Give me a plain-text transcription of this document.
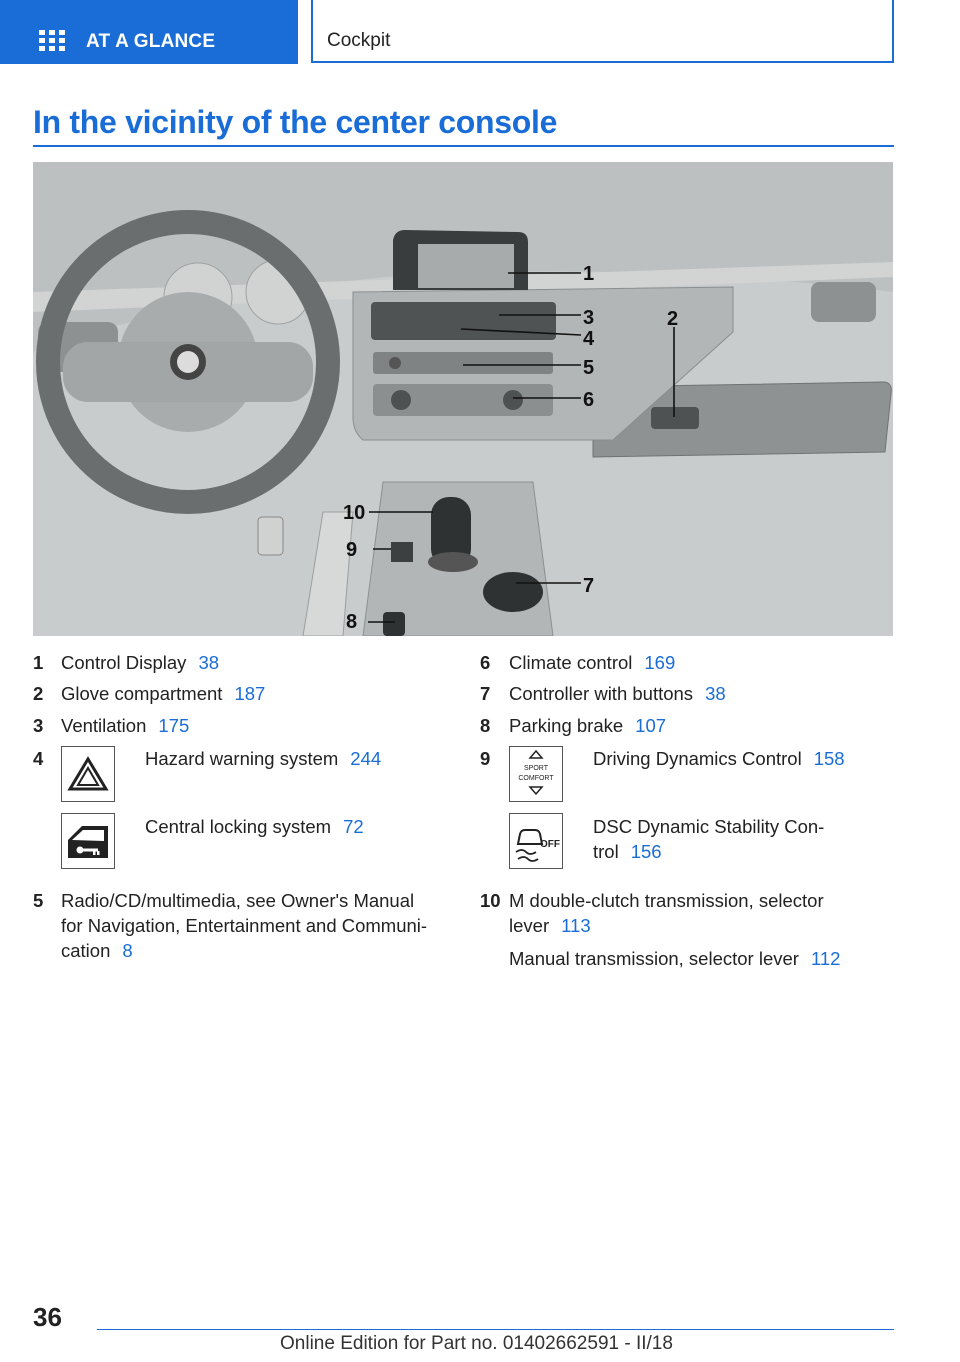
AT A GLANCE	Cockpit
In the vicinity of the center console
1
2
3
4
5
6
7
8
9
10
1 Control Display 38
2 Glove compartment 187
3 Ventilation 175
4	Hazard warning system 244
Central locking system 72
5 Radio/CD/multimedia, see Owner's Manual
for Navigation, Entertainment and Communi-
cation 8
6 Climate control 169
7 Controller with buttons 38
8 Parking brake 107
9	SPORT
COMFORT
Driving Dynamics Control 158
OFF
DSC Dynamic Stability Con-
trol 156
10 M double-clutch transmission, selector
lever 113
Manual transmission, selector lever 112
36
Online Edition for Part no. 01402662591 - II/18
